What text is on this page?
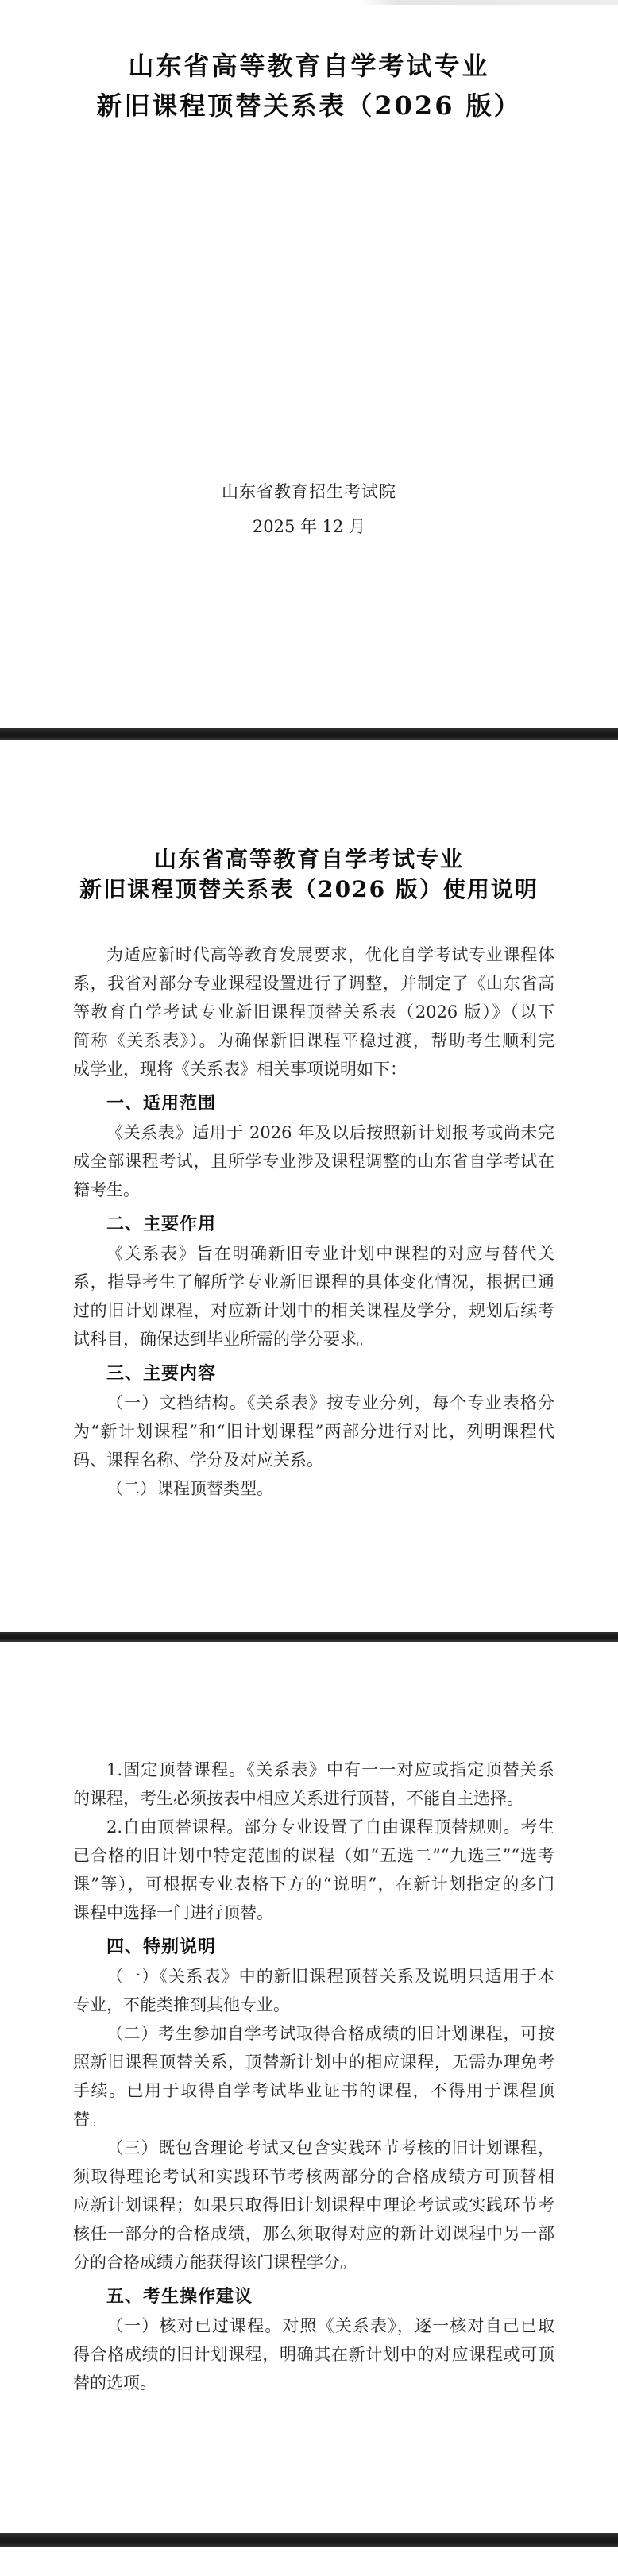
山东省高等教育自学考试专业
新旧课程顶替关系表（2026 版）
山东省教育招生考试院
2025 年 12 月
山东省高等教育自学考试专业
新旧课程顶替关系表（2026 版）使用说明
为适应新时代高等教育发展要求，优化自学考试专业课程体
系，我省对部分专业课程设置进行了调整，并制定了《山东省高
等教育自学考试专业新旧课程顶替关系表（2026 版）》（以下
简称《关系表》）。为确保新旧课程平稳过渡，帮助考生顺利完
成学业，现将《关系表》相关事项说明如下：
一、适用范围
《关系表》适用于 2026 年及以后按照新计划报考或尚未完
成全部课程考试，且所学专业涉及课程调整的山东省自学考试在
籍考生。
二、主要作用
《关系表》旨在明确新旧专业计划中课程的对应与替代关
系，指导考生了解所学专业新旧课程的具体变化情况，根据已通
过的旧计划课程，对应新计划中的相关课程及学分，规划后续考
试科目，确保达到毕业所需的学分要求。
三、主要内容
（一）文档结构。《关系表》按专业分列，每个专业表格分
为“新计划课程”和“旧计划课程”两部分进行对比，列明课程代
码、课程名称、学分及对应关系。
（二）课程顶替类型。
1.固定顶替课程。《关系表》中有一一对应或指定顶替关系
的课程，考生必须按表中相应关系进行顶替，不能自主选择。
2.自由顶替课程。部分专业设置了自由课程顶替规则。考生
已合格的旧计划中特定范围的课程（如“五选二”“九选三”“选考
课”等），可根据专业表格下方的“说明”，在新计划指定的多门
课程中选择一门进行顶替。
四、特别说明
（一）《关系表》中的新旧课程顶替关系及说明只适用于本
专业，不能类推到其他专业。
（二）考生参加自学考试取得合格成绩的旧计划课程，可按
照新旧课程顶替关系，顶替新计划中的相应课程，无需办理免考
手续。已用于取得自学考试毕业证书的课程，不得用于课程顶替。
（三）既包含理论考试又包含实践环节考核的旧计划课程，
须取得理论考试和实践环节考核两部分的合格成绩方可顶替相
应新计划课程；如果只取得旧计划课程中理论考试或实践环节考
核任一部分的合格成绩，那么须取得对应的新计划课程中另一部
分的合格成绩方能获得该门课程学分。
五、考生操作建议
（一）核对已过课程。对照《关系表》，逐一核对自己已取
得合格成绩的旧计划课程，明确其在新计划中的对应课程或可顶
替的选项。
